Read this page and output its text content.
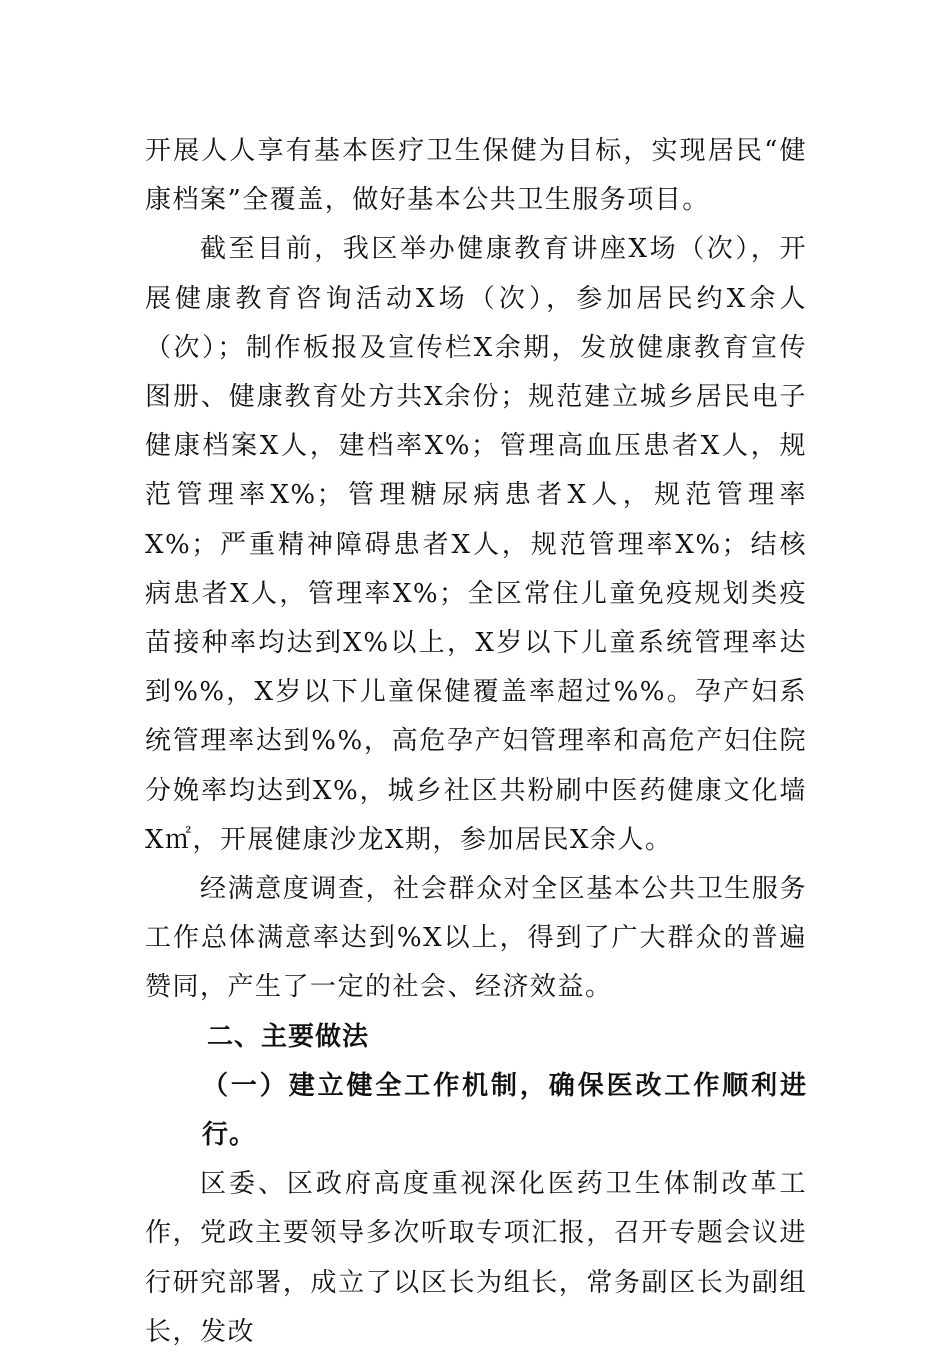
开展人人享有基本医疗卫生保健为目标，实现居民“健康档案”全覆盖，做好基本公共卫生服务项目。

截至目前，我区举办健康教育讲座X场（次），开展健康教育咨询活动X场（次），参加居民约X余人（次）；制作板报及宣传栏X余期，发放健康教育宣传图册、健康教育处方共X余份；规范建立城乡居民电子健康档案X人，建档率X%；管理高血压患者X人，规范管理率X%；管理糖尿病患者X人，规范管理率X%；严重精神障碍患者X人，规范管理率X%；结核病患者X人，管理率X%；全区常住儿童免疫规划类疫苗接种率均达到X%以上，X岁以下儿童系统管理率达到%%，X岁以下儿童保健覆盖率超过%%。孕产妇系统管理率达到%%，高危孕产妇管理率和高危产妇住院分娩率均达到X%，城乡社区共粉刷中医药健康文化墙X㎡，开展健康沙龙X期，参加居民X余人。

经满意度调查，社会群众对全区基本公共卫生服务工作总体满意率达到%X以上，得到了广大群众的普遍赞同，产生了一定的社会、经济效益。

二、主要做法

（一）建立健全工作机制，确保医改工作顺利进行。

区委、区政府高度重视深化医药卫生体制改革工作，党政主要领导多次听取专项汇报，召开专题会议进行研究部署，成立了以区长为组长，常务副区长为副组长，发改
